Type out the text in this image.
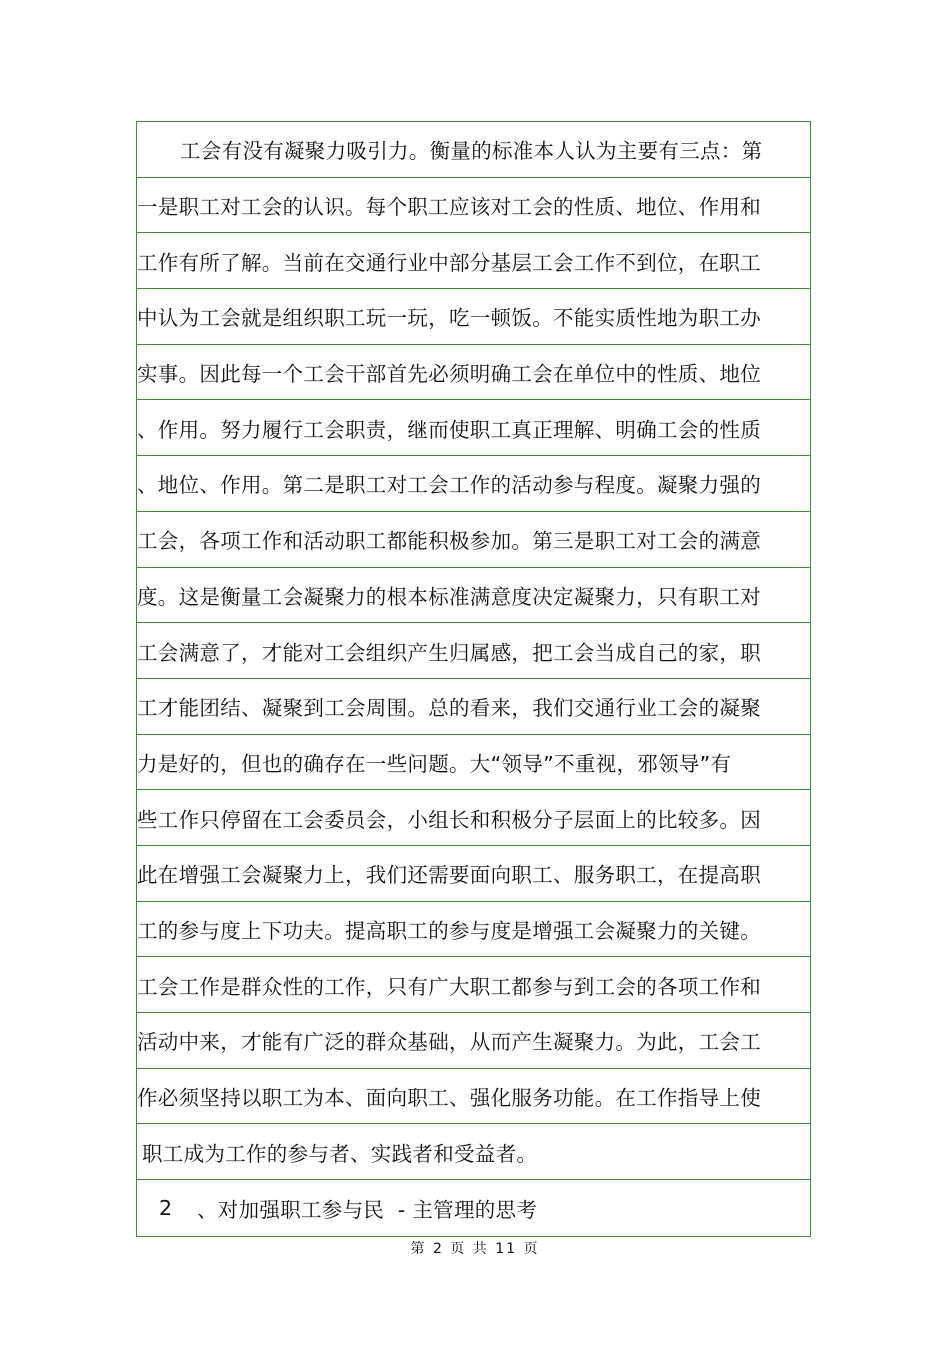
工会有没有凝聚力吸引力。衡量的标准本人认为主要有三点：第
一是职工对工会的认识。每个职工应该对工会的性质、地位、作用和
工作有所了解。当前在交通行业中部分基层工会工作不到位，在职工
中认为工会就是组织职工玩一玩，吃一顿饭。不能实质性地为职工办
实事。因此每一个工会干部首先必须明确工会在单位中的性质、地位
、作用。努力履行工会职责，继而使职工真正理解、明确工会的性质
、地位、作用。第二是职工对工会工作的活动参与程度。凝聚力强的
工会，各项工作和活动职工都能积极参加。第三是职工对工会的满意
度。这是衡量工会凝聚力的根本标准满意度决定凝聚力，只有职工对
工会满意了，才能对工会组织产生归属感，把工会当成自己的家，职
工才能团结、凝聚到工会周围。总的看来，我们交通行业工会的凝聚
力是好的，但也的确存在一些问题。大“领导”不重视，邪领导”有
些工作只停留在工会委员会，小组长和积极分子层面上的比较多。因
此在增强工会凝聚力上，我们还需要面向职工、服务职工，在提高职
工的参与度上下功夫。提高职工的参与度是增强工会凝聚力的关键。
工会工作是群众性的工作，只有广大职工都参与到工会的各项工作和
活动中来，才能有广泛的群众基础，从而产生凝聚力。为此，工会工
作必须坚持以职工为本、面向职工、强化服务功能。在工作指导上使
职工成为工作的参与者、实践者和受益者。
2	、对加强职工参与民  - 主管理的思考
第 2 页 共 11 页
